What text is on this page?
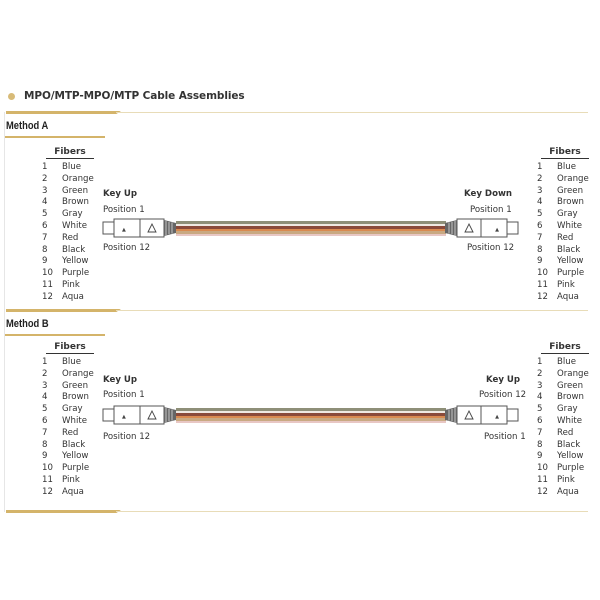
MPO/MTP-MPO/MTP Cable Assemblies
Method A
Fibers
1	Blue
2	Orange
3	Green
4	Brown
5	Gray
6	White
7	Red
8	Black
9	Yellow
10	Purple
11	Pink
12	Aqua
Fibers
1	Blue
2	Orange
3	Green
4	Brown
5	Gray
6	White
7	Red
8	Black
9	Yellow
10	Purple
11	Pink
12	Aqua
Key Up
Position 1
Position 12
Key Down
Position 1
Position 12
▲	▲
Method B
Fibers
1	Blue
2	Orange
3	Green
4	Brown
5	Gray
6	White
7	Red
8	Black
9	Yellow
10	Purple
11	Pink
12	Aqua
Fibers
1	Blue
2	Orange
3	Green
4	Brown
5	Gray
6	White
7	Red
8	Black
9	Yellow
10	Purple
11	Pink
12	Aqua
Key Up
Position 1
Position 12
Key Up
Position 12
Position 1
▲	▲
